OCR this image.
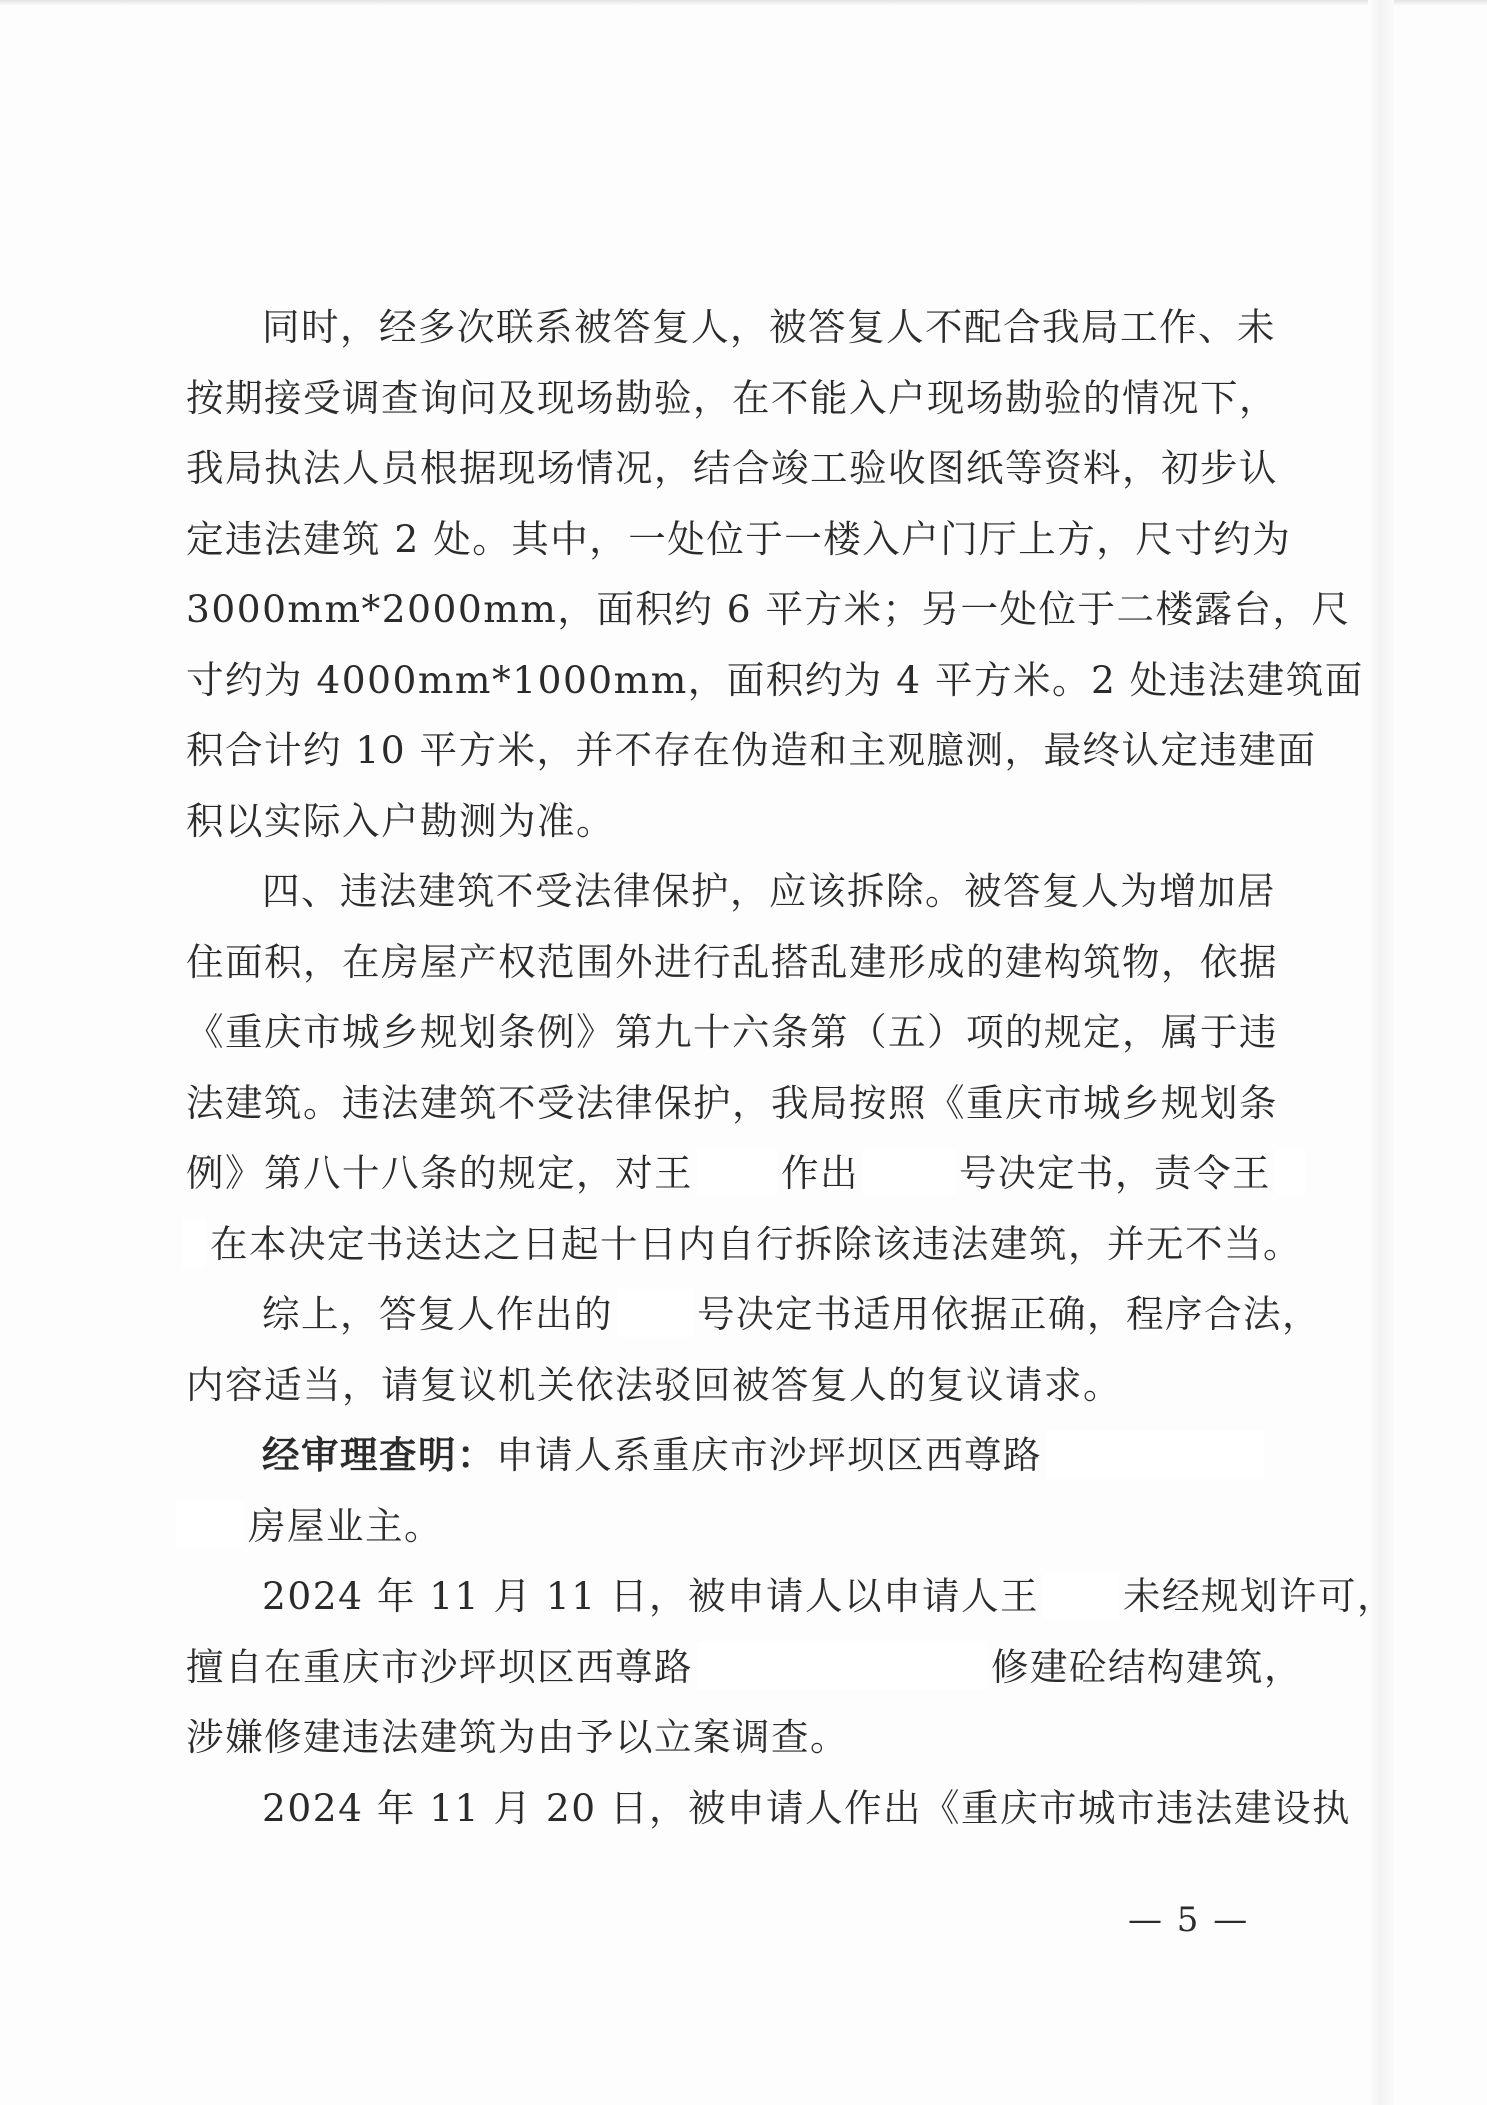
同时，经多次联系被答复人，被答复人不配合我局工作、未
按期接受调查询问及现场勘验，在不能入户现场勘验的情况下，
我局执法人员根据现场情况，结合竣工验收图纸等资料，初步认
定违法建筑 2 处。其中，一处位于一楼入户门厅上方，尺寸约为
3000mm*2000mm，面积约 6 平方米；另一处位于二楼露台，尺
寸约为 4000mm*1000mm，面积约为 4 平方米。2 处违法建筑面
积合计约 10 平方米，并不存在伪造和主观臆测，最终认定违建面
积以实际入户勘测为准。
四、违法建筑不受法律保护，应该拆除。被答复人为增加居
住面积，在房屋产权范围外进行乱搭乱建形成的建构筑物，依据
《重庆市城乡规划条例》第九十六条第（五）项的规定，属于违
法建筑。违法建筑不受法律保护，我局按照《重庆市城乡规划条
例》第八十八条的规定，对王 作出	号决定书，责令王
在本决定书送达之日起十日内自行拆除该违法建筑，并无不当。
综上，答复人作出的 号决定书适用依据正确，程序合法，
内容适当，请复议机关依法驳回被答复人的复议请求。
经审理查明：申请人系重庆市沙坪坝区西尊路
房屋业主。
2024 年 11 月 11 日，被申请人以申请人王 未经规划许可，
擅自在重庆市沙坪坝区西尊路	修建砼结构建筑，
涉嫌修建违法建筑为由予以立案调查。
2024 年 11 月 20 日，被申请人作出《重庆市城市违法建设执
— 5 —
